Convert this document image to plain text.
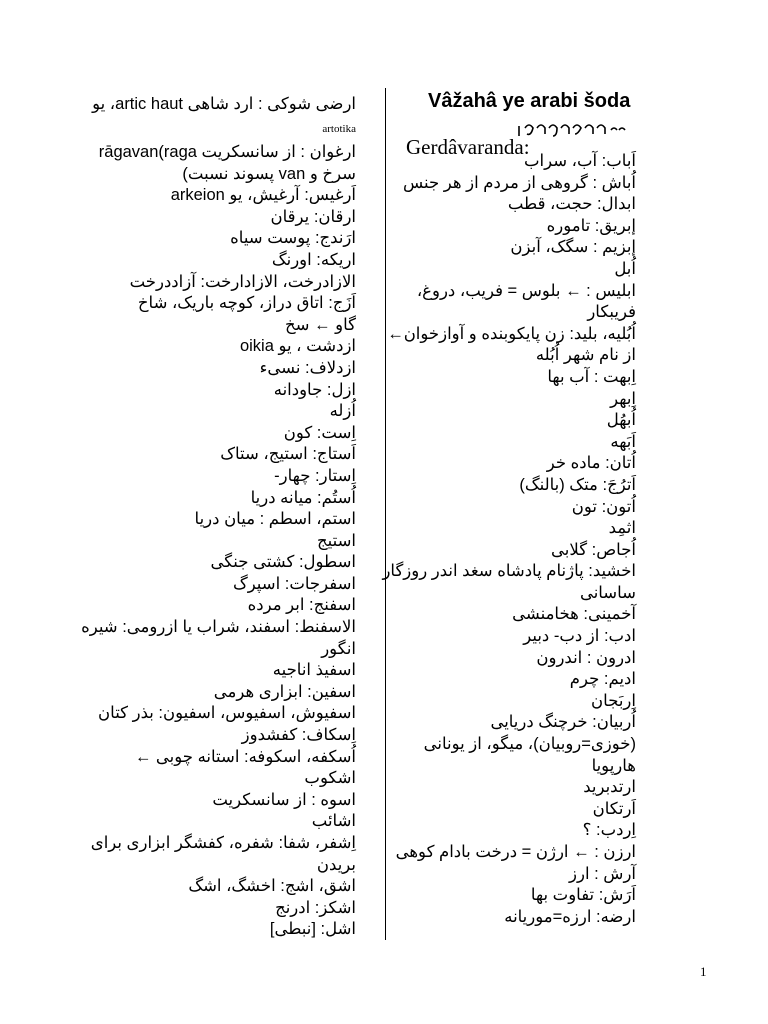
ارضی شوکی : ارد شاهی artic haut، یو
artotika
ارغوان : از سانسکریت rāgavan(raga
سرخ و van پسوند نسبت)
اَرغیس: آرغیش، یو arkeion
ارقان: یرقان
ارَندج: پوست سیاه
اریکه: اورنگ
الازادرخت، الازادارخت: آزاددرخت
اَزَج: اتاق دراز، کوچه باریک، شاخ
گاو ← سخ
ازدشت ، یو oikia
ازدلاف: نسیء
ازل: جاودانه
اُزله
اِست: کون
اَستاج: استیج، ستاک
اِستار: چهار-
اُستُم: میانه دریا
استم، اسطم : میان دریا
استیج
اسطول: کشتی جنگی
اسفرجات: اسپرگ
اسفنج: ابر مرده
الاسفنط: اسفند، شراب یا ازرومی: شیره
انگور
اسفیذ اناجیه
اسفین: ابزاری هرمی
اسفیوش، اسفیوس، اسفیون: بذر کتان
اِسکاف: کفشدوز
اُسکفه، اسکوفه: استانه چوبی ←
اشکوب
اسوه : از سانسکریت
اشائب
اِشفر، شفا: شفره، کفشگر ابزاری برای
بریدن
اشق، اشج: اخشگ، اشگ
اشکز: ادرنج
اشل: [نبطی]
Vâžahâ ye arabi šoda
Gerdâvaranda:
اَباب: آب، سراب
اُباش : گروهی از مردم از هر جنس
ابدال: حجت، قطب
إبریق: تاموره
إبزیم : سگک، آبزن
اُبل
ابلیس : ← بلوس = فریب، دروغ،
فریبکار
اُبُلیه، بلید: زن پایکوبنده و آوازخوان←
از نام شهر اُبُله
اِبهت : آب بها
اِبهر
اُبهُل
اَبَهه
اُتان: ماده خر
اَترُجَ: متک (بالنگ)
اُتون: تون
اثمِد
اُجاص: گلابی
اخشید: پاژنام پادشاه سغد اندر روزگار
ساسانی
آخمینی: هخامنشی
ادب: از دب- دبیر
ادرون : اندرون
ادیم: چرم
اِربَجان
اُربیان: خرچنگ دریایی
(خوزی=روبیان)، میگو، از یونانی
هارپویا
ارتدبرید
اَرتکان
اِردب: ؟
ارزن : ← ارژن = درخت بادام کوهی
آرش : ارز
اَرَش: تفاوت بها
ارضه: ارزه=موریانه
1
